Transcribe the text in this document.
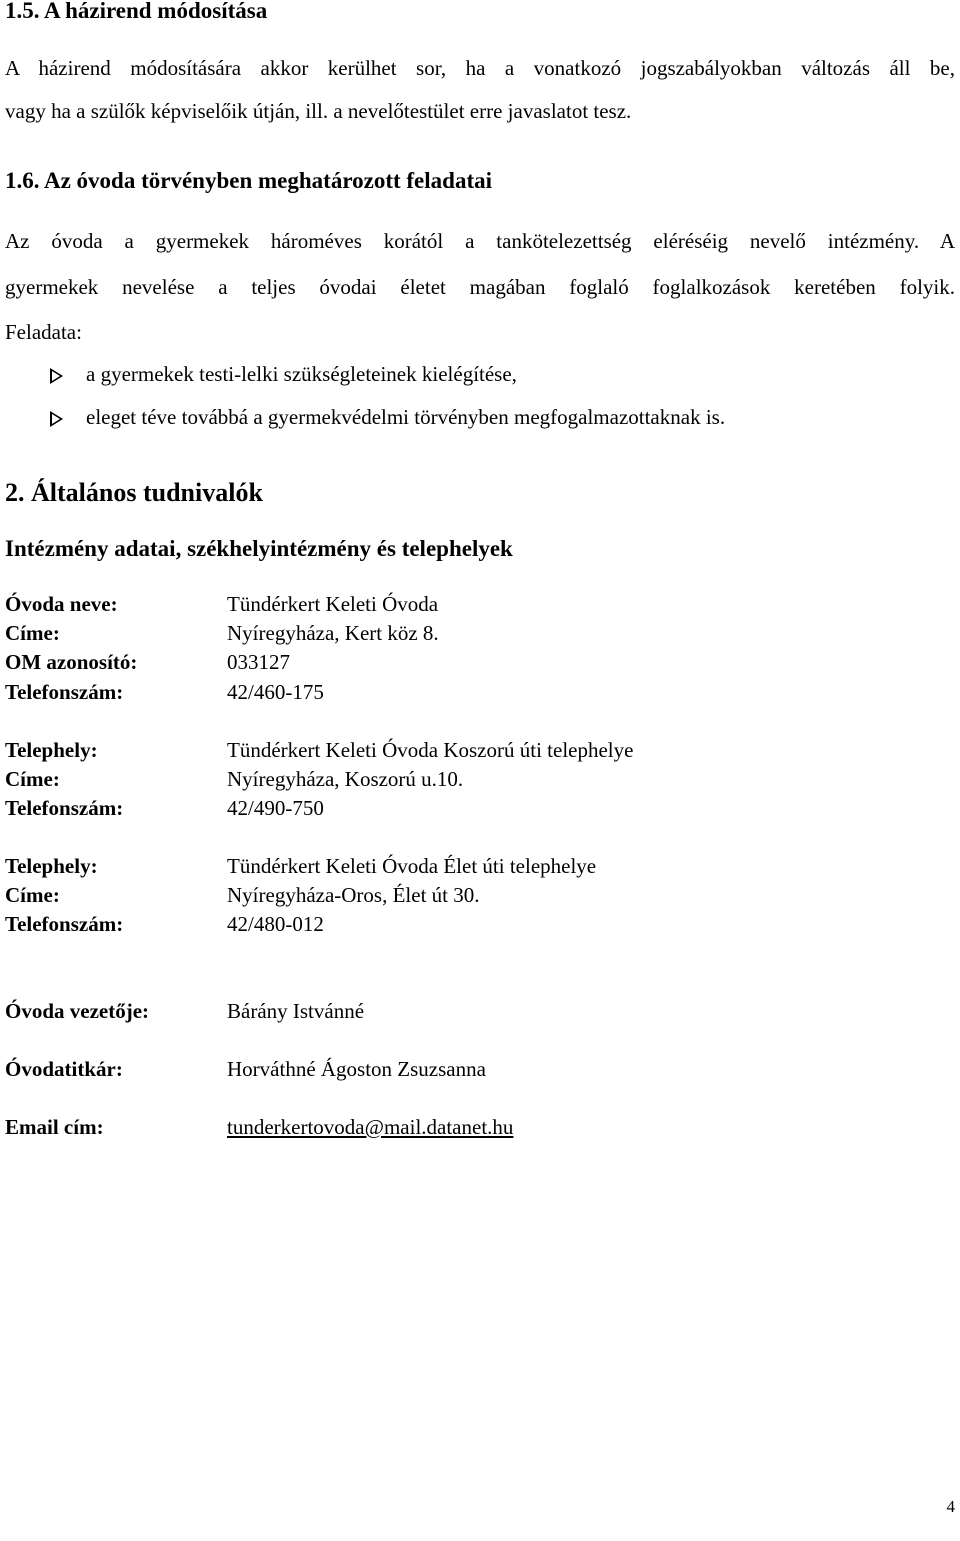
1.5. A házirend módosítása
A házirend módosítására akkor kerülhet sor, ha a vonatkozó jogszabályokban változás áll be,
vagy ha a szülők képviselőik útján, ill. a nevelőtestület erre javaslatot tesz.
1.6. Az óvoda törvényben meghatározott feladatai
Az óvoda a gyermekek hároméves korától a tankötelezettség eléréséig nevelő intézmény. A
gyermekek nevelése a teljes óvodai életet magában foglaló foglalkozások keretében folyik.
Feladata:
a gyermekek testi-lelki szükségleteinek kielégítése,
eleget téve továbbá a gyermekvédelmi törvényben megfogalmazottaknak is.
2. Általános tudnivalók
Intézmény adatai, székhelyintézmény és telephelyek
Óvoda neve:	Tündérkert Keleti Óvoda
Címe:	Nyíregyháza, Kert köz 8.
OM azonosító:	033127
Telefonszám:	42/460-175
Telephely:	Tündérkert Keleti Óvoda Koszorú úti telephelye
Címe:	Nyíregyháza, Koszorú u.10.
Telefonszám:	42/490-750
Telephely:	Tündérkert Keleti Óvoda Élet úti telephelye
Címe:	Nyíregyháza-Oros, Élet út 30.
Telefonszám:	42/480-012
Óvoda vezetője:	Bárány Istvánné
Óvodatitkár:	Horváthné Ágoston Zsuzsanna
Email cím:	tunderkertovoda@mail.datanet.hu
4
